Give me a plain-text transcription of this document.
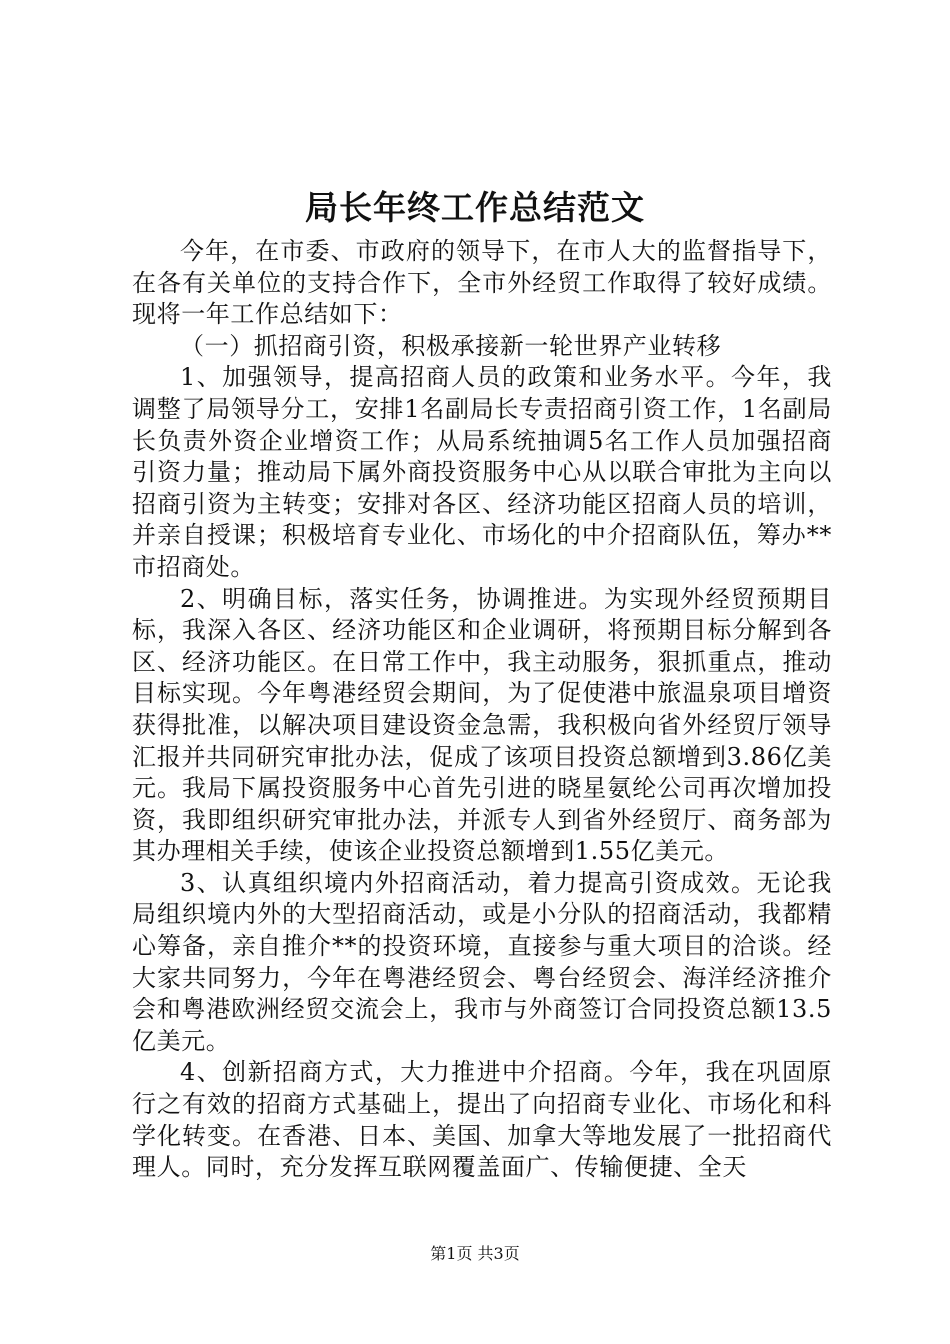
局长年终工作总结范文

今年，在市委、市政府的领导下，在市人大的监督指导下，在各有关单位的支持合作下，全市外经贸工作取得了较好成绩。现将一年工作总结如下：

（一）抓招商引资，积极承接新一轮世界产业转移

1、加强领导，提高招商人员的政策和业务水平。今年，我调整了局领导分工，安排1名副局长专责招商引资工作，1名副局长负责外资企业增资工作；从局系统抽调5名工作人员加强招商引资力量；推动局下属外商投资服务中心从以联合审批为主向以招商引资为主转变；安排对各区、经济功能区招商人员的培训，并亲自授课；积极培育专业化、市场化的中介招商队伍，筹办**市招商处。

2、明确目标，落实任务，协调推进。为实现外经贸预期目标，我深入各区、经济功能区和企业调研，将预期目标分解到各区、经济功能区。在日常工作中，我主动服务，狠抓重点，推动目标实现。今年粤港经贸会期间，为了促使港中旅温泉项目增资获得批准，以解决项目建设资金急需，我积极向省外经贸厅领导汇报并共同研究审批办法，促成了该项目投资总额增到3.86亿美元。我局下属投资服务中心首先引进的晓星氨纶公司再次增加投资，我即组织研究审批办法，并派专人到省外经贸厅、商务部为其办理相关手续，使该企业投资总额增到1.55亿美元。

3、认真组织境内外招商活动，着力提高引资成效。无论我局组织境内外的大型招商活动，或是小分队的招商活动，我都精心筹备，亲自推介**的投资环境，直接参与重大项目的洽谈。经大家共同努力，今年在粤港经贸会、粤台经贸会、海洋经济推介会和粤港欧洲经贸交流会上，我市与外商签订合同投资总额13.5亿美元。

4、创新招商方式，大力推进中介招商。今年，我在巩固原行之有效的招商方式基础上，提出了向招商专业化、市场化和科学化转变。在香港、日本、美国、加拿大等地发展了一批招商代理人。同时，充分发挥互联网覆盖面广、传输便捷、全天

第1页 共3页
